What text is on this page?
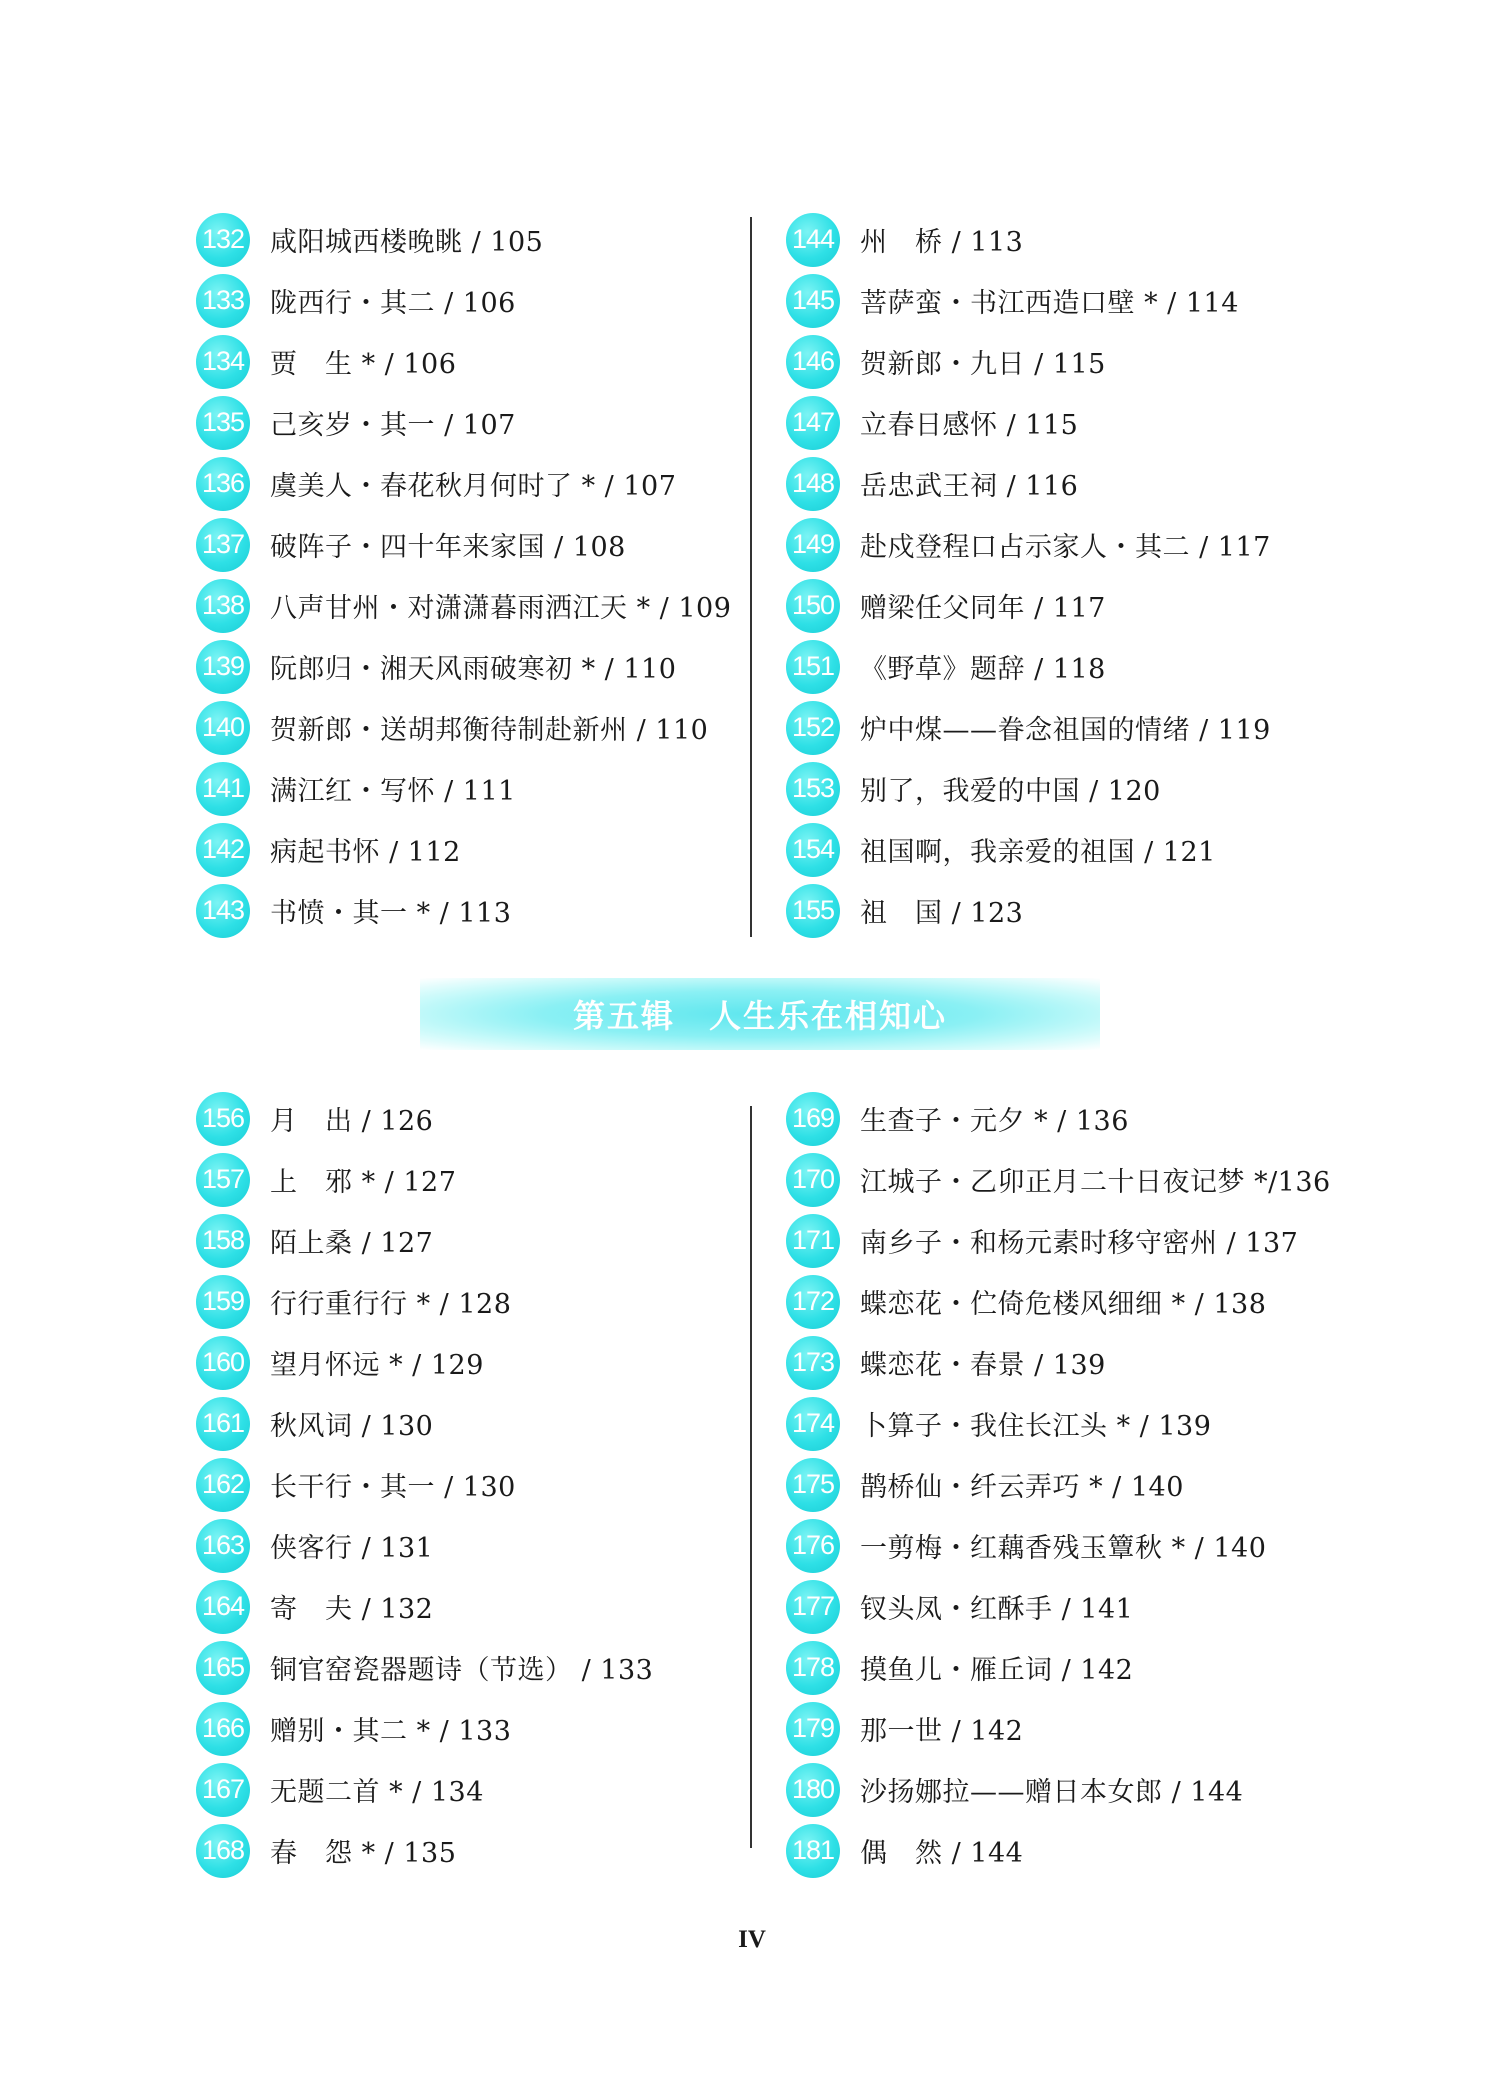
132 咸阳城西楼晚眺 / 105
133 陇西行・其二 / 106
134 贾　生 * / 106
135 己亥岁・其一 / 107
136 虞美人・春花秋月何时了 * / 107
137 破阵子・四十年来家国 / 108
138 八声甘州・对潇潇暮雨洒江天 * / 109
139 阮郎归・湘天风雨破寒初 * / 110
140 贺新郎・送胡邦衡待制赴新州 / 110
141 满江红・写怀 / 111
142 病起书怀 / 112
143 书愤・其一 * / 113
144 州　桥 / 113
145 菩萨蛮・书江西造口壁 * / 114
146 贺新郎・九日 / 115
147 立春日感怀 / 115
148 岳忠武王祠 / 116
149 赴戍登程口占示家人・其二 / 117
150 赠梁任父同年 / 117
151 《野草》题辞 / 118
152 炉中煤——眷念祖国的情绪 / 119
153 别了，我爱的中国 / 120
154 祖国啊，我亲爱的祖国 / 121
155 祖　国 / 123
第五辑　人生乐在相知心
156 月　出 / 126
157 上　邪 * / 127
158 陌上桑 / 127
159 行行重行行 * / 128
160 望月怀远 * / 129
161 秋风词 / 130
162 长干行・其一 / 130
163 侠客行 / 131
164 寄　夫 / 132
165 铜官窑瓷器题诗（节选） / 133
166 赠别・其二 * / 133
167 无题二首 * / 134
168 春　怨 * / 135
169 生查子・元夕 * / 136
170 江城子・乙卯正月二十日夜记梦 */136
171 南乡子・和杨元素时移守密州 / 137
172 蝶恋花・伫倚危楼风细细 * / 138
173 蝶恋花・春景 / 139
174 卜算子・我住长江头 * / 139
175 鹊桥仙・纤云弄巧 * / 140
176 一剪梅・红藕香残玉簟秋 * / 140
177 钗头凤・红酥手 / 141
178 摸鱼儿・雁丘词 / 142
179 那一世 / 142
180 沙扬娜拉——赠日本女郎 / 144
181 偶　然 / 144
IV
